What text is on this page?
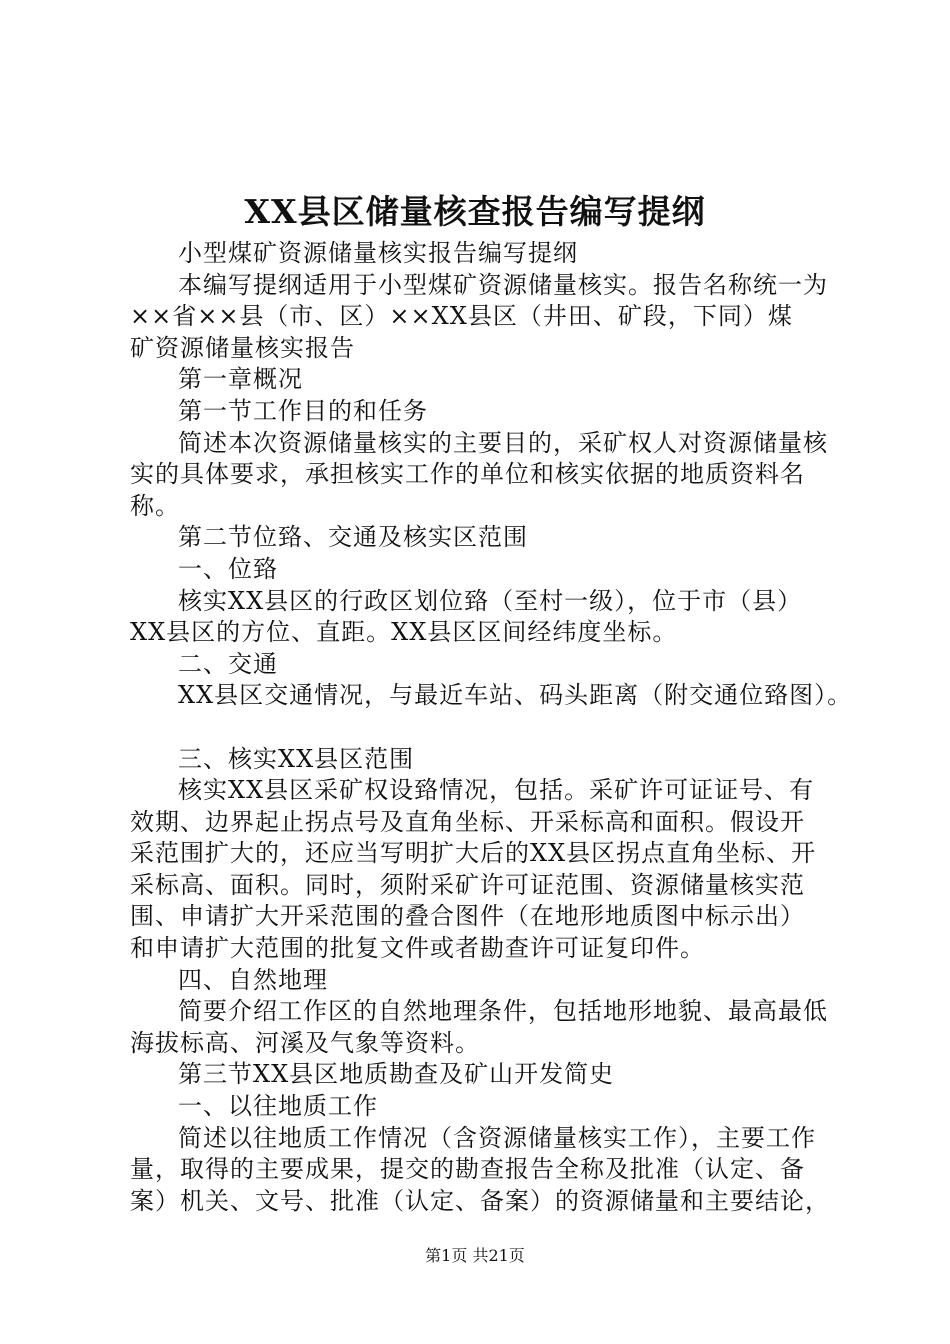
XX县区储量核查报告编写提纲
小型煤矿资源储量核实报告编写提纲
本编写提纲适用于小型煤矿资源储量核实。报告名称统一为
××省××县（市、区）××XX县区（井田、矿段，下同）煤
矿资源储量核实报告
第一章概况
第一节工作目的和任务
简述本次资源储量核实的主要目的，采矿权人对资源储量核
实的具体要求，承担核实工作的单位和核实依据的地质资料名
称。
第二节位臵、交通及核实区范围
一、位臵
核实XX县区的行政区划位臵（至村一级），位于市（县）
XX县区的方位、直距。XX县区区间经纬度坐标。
二、交通
XX县区交通情况，与最近车站、码头距离（附交通位臵图）。
三、核实XX县区范围
核实XX县区采矿权设臵情况，包括。采矿许可证证号、有
效期、边界起止拐点号及直角坐标、开采标高和面积。假设开
采范围扩大的，还应当写明扩大后的XX县区拐点直角坐标、开
采标高、面积。同时，须附采矿许可证范围、资源储量核实范
围、申请扩大开采范围的叠合图件（在地形地质图中标示出）
和申请扩大范围的批复文件或者勘查许可证复印件。
四、自然地理
简要介绍工作区的自然地理条件，包括地形地貌、最高最低
海拔标高、河溪及气象等资料。
第三节XX县区地质勘查及矿山开发简史
一、以往地质工作
简述以往地质工作情况（含资源储量核实工作），主要工作
量，取得的主要成果，提交的勘查报告全称及批准（认定、备
案）机关、文号、批准（认定、备案）的资源储量和主要结论，
第1页 共21页
